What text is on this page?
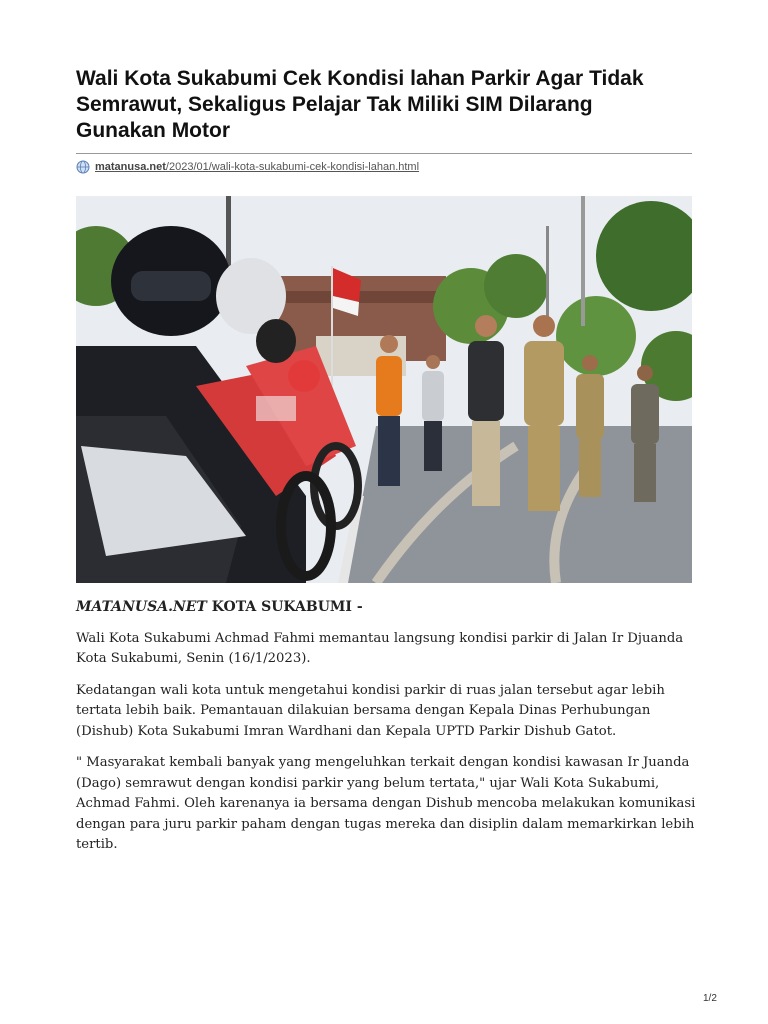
Wali Kota Sukabumi Cek Kondisi lahan Parkir Agar Tidak Semrawut, Sekaligus Pelajar Tak Miliki SIM Dilarang Gunakan Motor
matanusa.net/2023/01/wali-kota-sukabumi-cek-kondisi-lahan.html

MATANUSA.NET KOTA SUKABUMI -

Wali Kota Sukabumi Achmad Fahmi memantau langsung kondisi parkir di Jalan Ir Djuanda Kota Sukabumi, Senin (16/1/2023).

Kedatangan wali kota untuk mengetahui kondisi parkir di ruas jalan tersebut agar lebih tertata lebih baik. Pemantauan dilakuian bersama dengan Kepala Dinas Perhubungan (Dishub) Kota Sukabumi Imran Wardhani dan Kepala UPTD Parkir Dishub Gatot.

" Masyarakat kembali banyak yang mengeluhkan terkait dengan kondisi kawasan Ir Juanda (Dago) semrawut dengan kondisi parkir yang belum tertata," ujar Wali Kota Sukabumi, Achmad Fahmi. Oleh karenanya ia bersama dengan Dishub mencoba melakukan komunikasi dengan para juru parkir paham dengan tugas mereka dan disiplin dalam memarkirkan lebih tertib.

1/2
